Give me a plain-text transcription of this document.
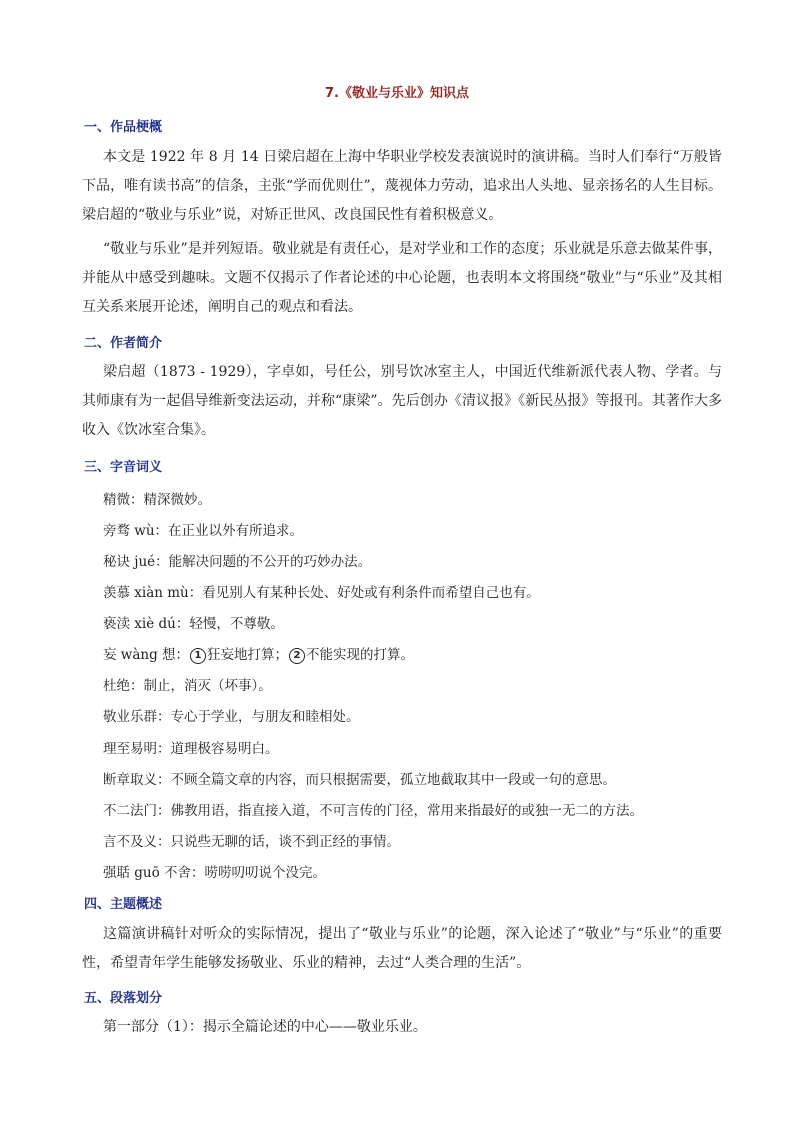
7.《敬业与乐业》知识点
一、作品梗概
本文是 1922 年 8 月 14 日梁启超在上海中华职业学校发表演说时的演讲稿。当时人们奉行“万般皆下品，唯有读书高”的信条，主张“学而优则仕”，蔑视体力劳动，追求出人头地、显亲扬名的人生目标。梁启超的“敬业与乐业”说，对矫正世风、改良国民性有着积极意义。
“敬业与乐业”是并列短语。敬业就是有责任心，是对学业和工作的态度；乐业就是乐意去做某件事，并能从中感受到趣味。文题不仅揭示了作者论述的中心论题，也表明本文将围绕“敬业”与“乐业”及其相互关系来展开论述，阐明自己的观点和看法。
二、作者简介
梁启超（1873 - 1929），字卓如，号任公，别号饮冰室主人，中国近代维新派代表人物、学者。与其师康有为一起倡导维新变法运动，并称“康梁”。先后创办《清议报》《新民丛报》等报刊。其著作大多收入《饮冰室合集》。
三、字音词义
精微：精深微妙。
旁骛 wù：在正业以外有所追求。
秘诀 jué：能解决问题的不公开的巧妙办法。
羡慕 xiàn mù：看见别人有某种长处、好处或有利条件而希望自己也有。
亵渎 xiè dú：轻慢，不尊敬。
妄 wàng 想： 1 狂妄地打算； 2 不能实现的打算。
杜绝：制止，消灭（坏事）。
敬业乐群：专心于学业，与朋友和睦相处。
理至易明：道理极容易明白。
断章取义：不顾全篇文章的内容，而只根据需要，孤立地截取其中一段或一句的意思。
不二法门：佛教用语，指直接入道，不可言传的门径，常用来指最好的或独一无二的方法。
言不及义：只说些无聊的话，谈不到正经的事情。
强聒 guō 不舍：唠唠叨叨说个没完。
四、主题概述
这篇演讲稿针对听众的实际情况，提出了“敬业与乐业”的论题，深入论述了“敬业”与“乐业”的重要性，希望青年学生能够发扬敬业、乐业的精神，去过“人类合理的生活”。
五、段落划分
第一部分（1）：揭示全篇论述的中心——敬业乐业。
